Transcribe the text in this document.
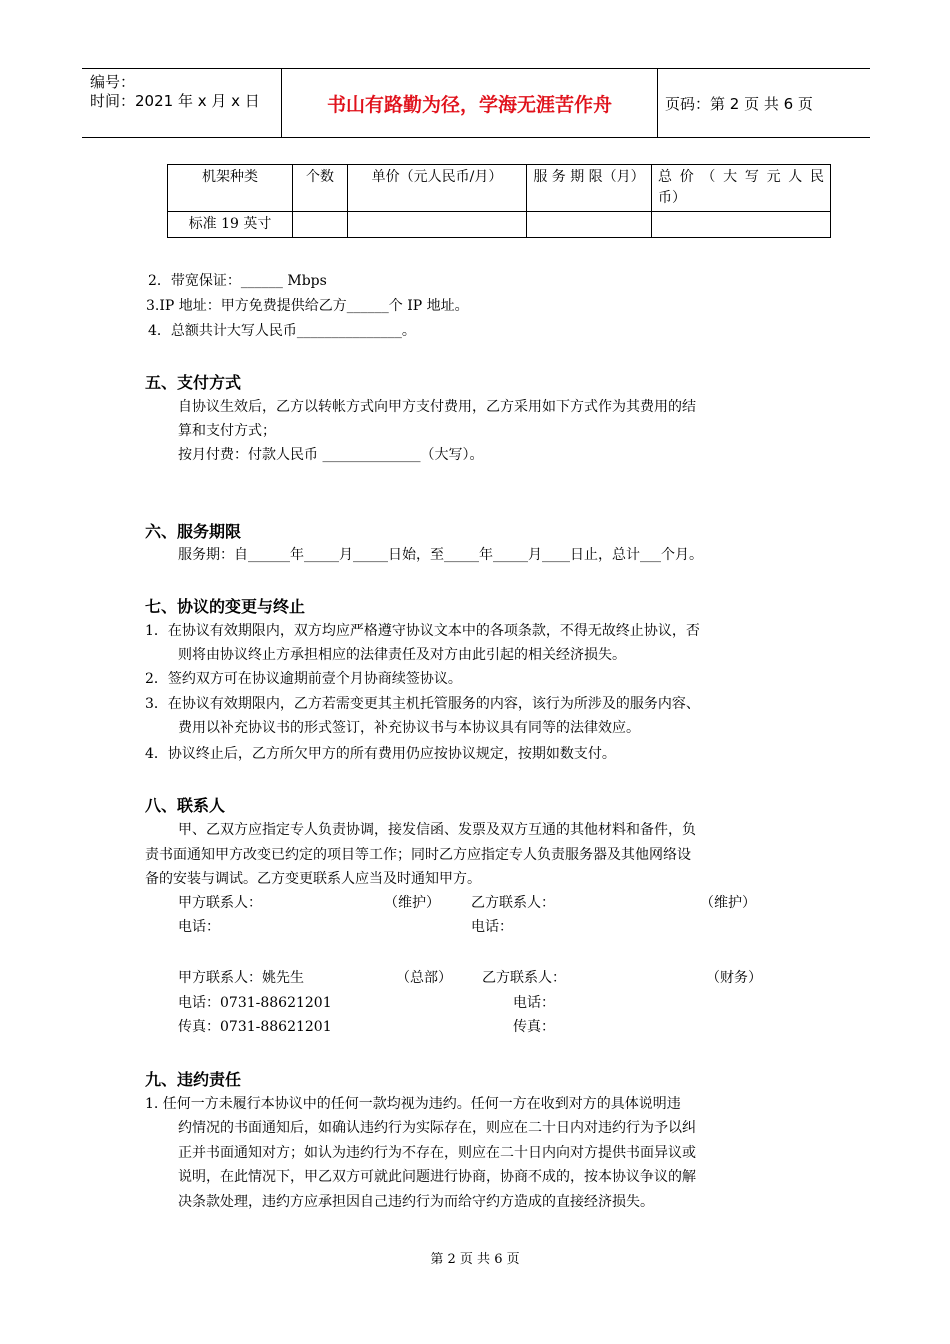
编号：
时间：2021 年 x 月 x 日	书山有路勤为径，学海无涯苦作舟	页码：第 2 页 共 6 页
机架种类	个数	单价（元人民币/月）	服 务 期 限（月）	总 价 （ 大 写 元 人 民 币）
标准 19 英寸				
2．带宽保证：______ Mbps
3.IP 地址：甲方免费提供给乙方______个 IP 地址。
4．总额共计大写人民币_______________。
五、支付方式
自协议生效后，乙方以转帐方式向甲方支付费用，乙方采用如下方式作为其费用的结
算和支付方式；
按月付费：付款人民币 ______________（大写）。
六、服务期限
服务期：自______年_____月_____日始，至_____年_____月____日止，总计___个月。
七、协议的变更与终止
1．在协议有效期限内，双方均应严格遵守协议文本中的各项条款，不得无故终止协议，否
则将由协议终止方承担相应的法律责任及对方由此引起的相关经济损失。
2．签约双方可在协议逾期前壹个月协商续签协议。
3．在协议有效期限内，乙方若需变更其主机托管服务的内容，该行为所涉及的服务内容、
费用以补充协议书的形式签订，补充协议书与本协议具有同等的法律效应。
4．协议终止后，乙方所欠甲方的所有费用仍应按协议规定，按期如数支付。
八、联系人
甲、乙双方应指定专人负责协调，接发信函、发票及双方互通的其他材料和备件，负
责书面通知甲方改变已约定的项目等工作；同时乙方应指定专人负责服务器及其他网络设
备的安装与调试。乙方变更联系人应当及时通知甲方。
甲方联系人：	（维护） 乙方联系人：	（维护）
电话：	电话：
甲方联系人：姚先生	（总部） 乙方联系人：	（财务）
电话：0731-88621201	电话：
传真：0731-88621201	传真：
九、违约责任
1. 任何一方未履行本协议中的任何一款均视为违约。任何一方在收到对方的具体说明违
约情况的书面通知后，如确认违约行为实际存在，则应在二十日内对违约行为予以纠
正并书面通知对方；如认为违约行为不存在，则应在二十日内向对方提供书面异议或
说明，在此情况下，甲乙双方可就此问题进行协商，协商不成的，按本协议争议的解
决条款处理，违约方应承担因自己违约行为而给守约方造成的直接经济损失。
第 2 页 共 6 页
